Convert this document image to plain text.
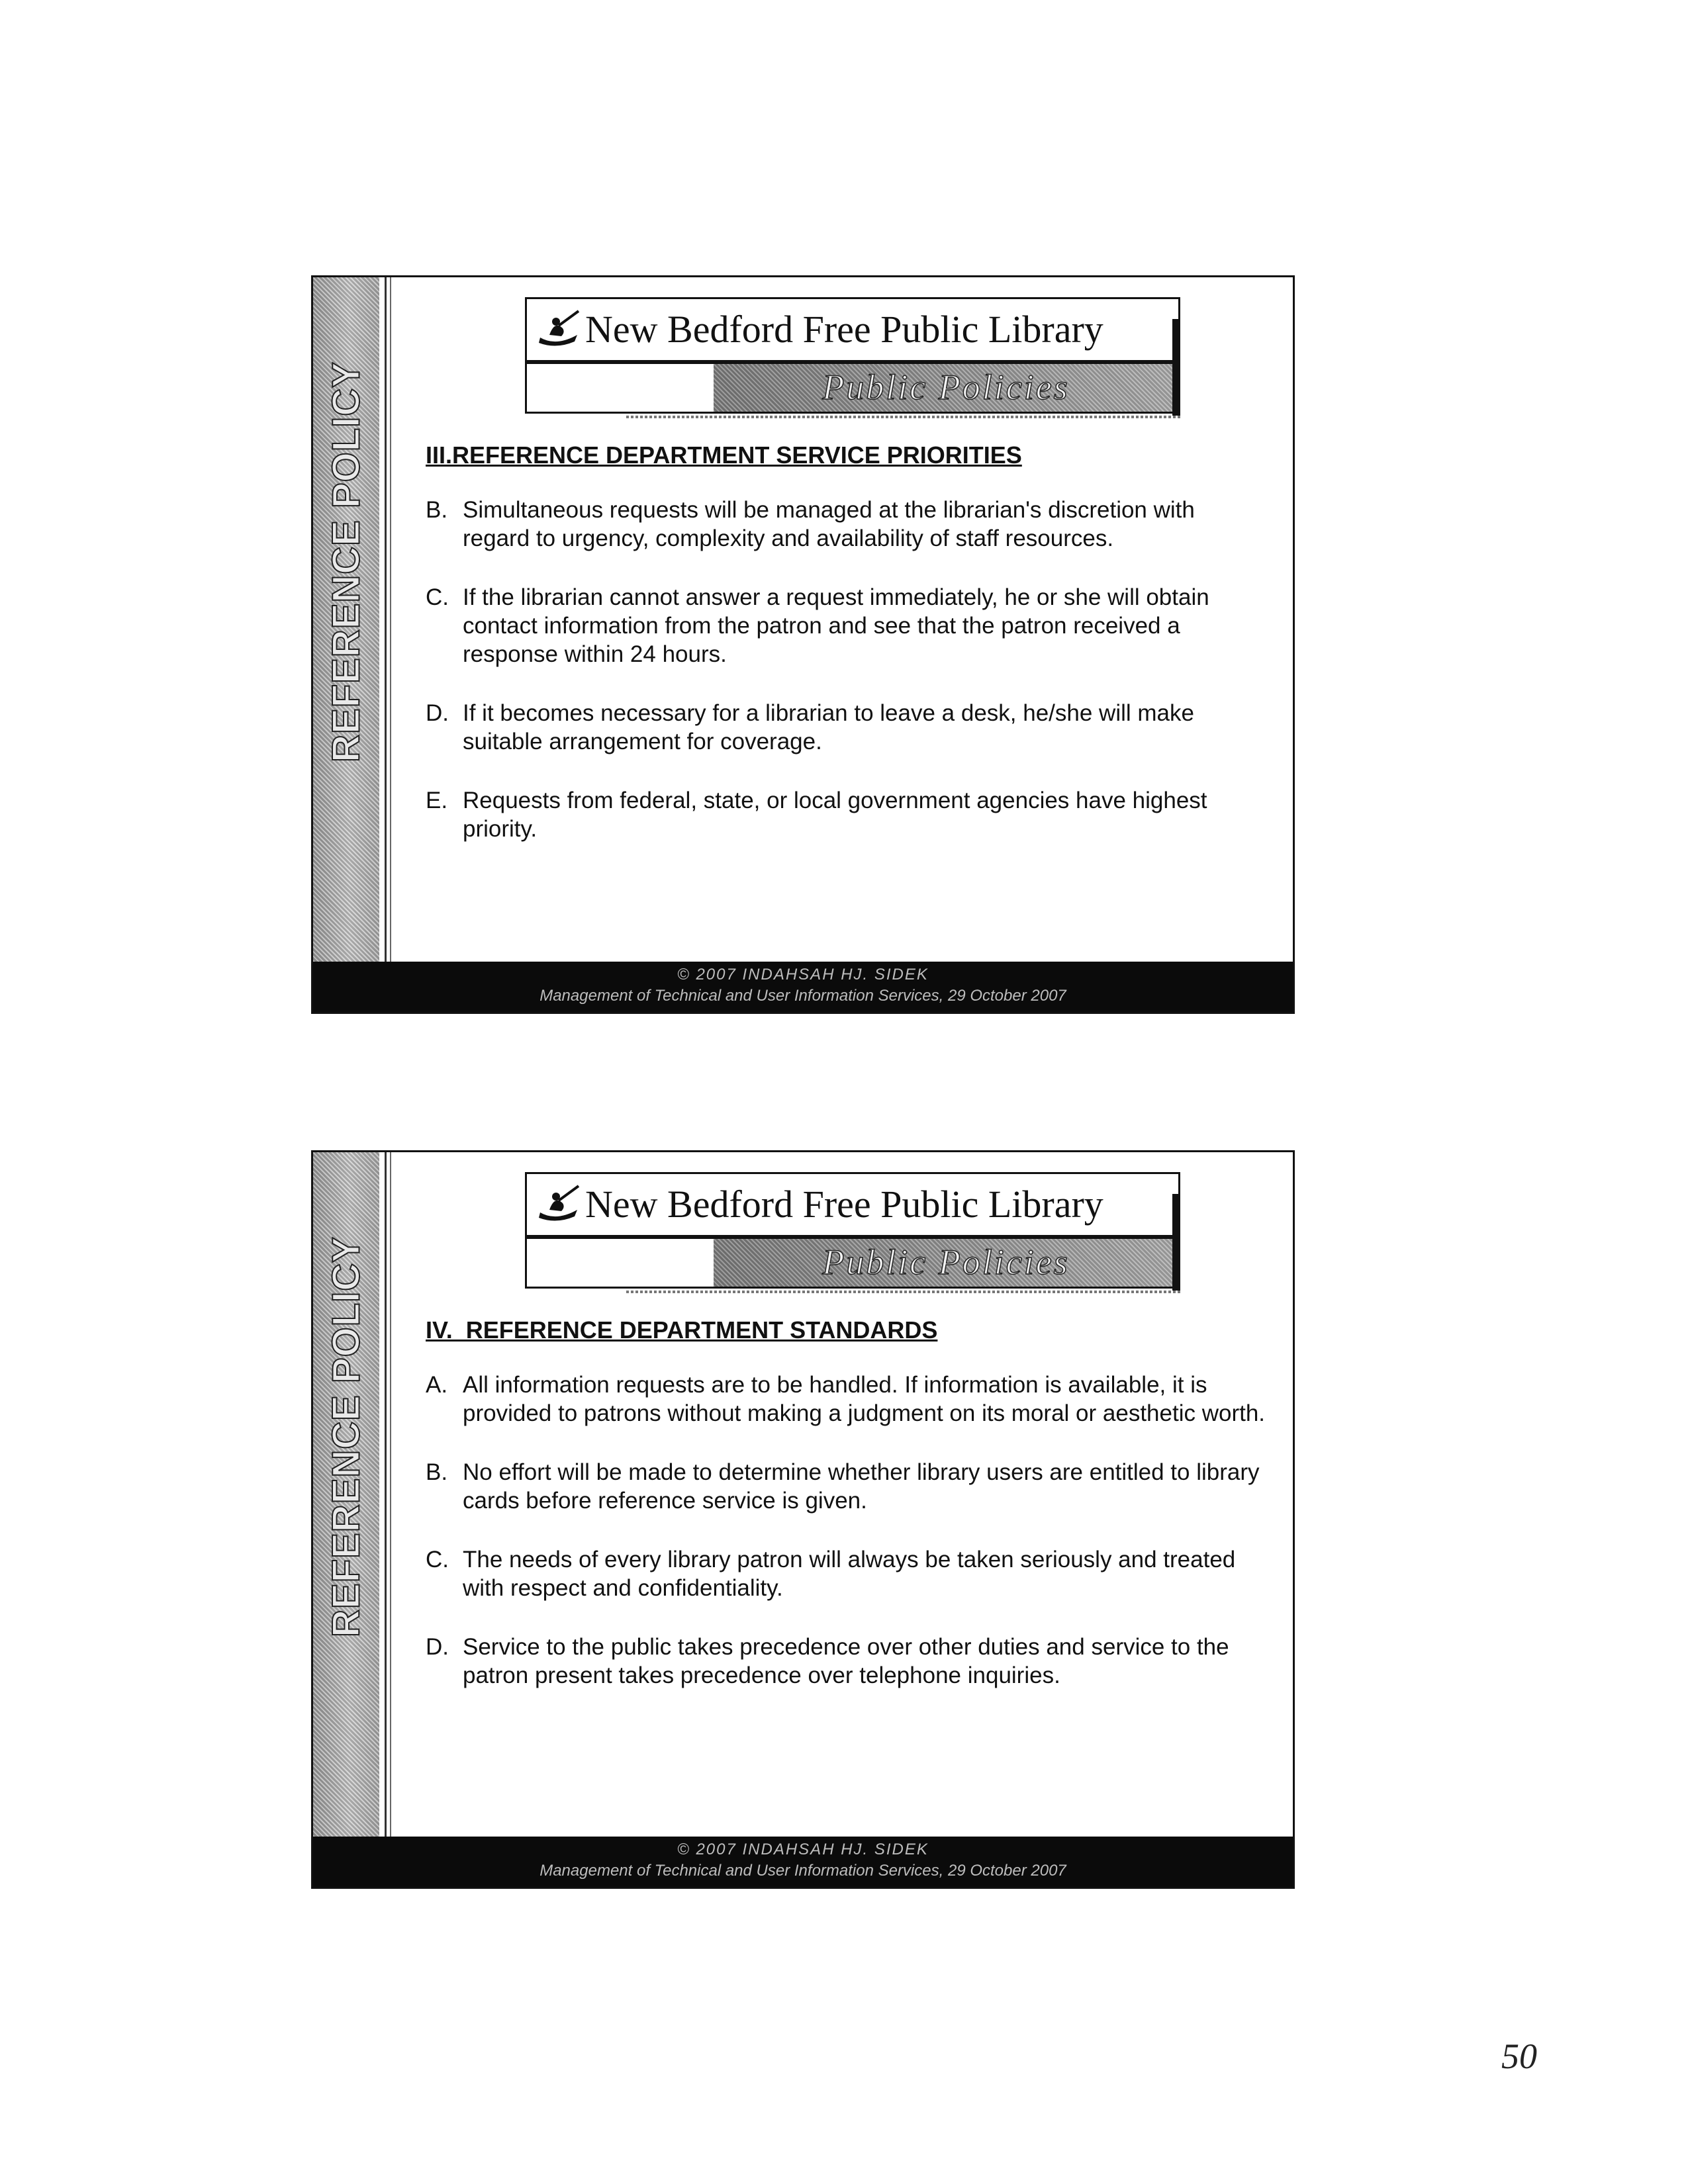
REFERENCE POLICY
New Bedford Free Public Library
Public Policies
III.REFERENCE DEPARTMENT SERVICE PRIORITIES
B. Simultaneous requests will be managed at the librarian's discretion with regard to urgency, complexity and availability of staff resources.
C. If the librarian cannot answer a request immediately, he or she will obtain contact information from the patron and see that the patron received a response within 24 hours.
D. If it becomes necessary for a librarian to leave a desk, he/she will make suitable arrangement for coverage.
E. Requests from federal, state, or local government agencies have highest priority.
© 2007 INDAHSAH HJ. SIDEK
Management of Technical and User Information Services, 29 October 2007
REFERENCE POLICY
New Bedford Free Public Library
Public Policies
IV.  REFERENCE DEPARTMENT STANDARDS
A. All information requests are to be handled. If information is available, it is provided to patrons without making a judgment on its moral or aesthetic worth.
B. No effort will be made to determine whether library users are entitled to library cards before reference service is given.
C. The needs of every library patron will always be taken seriously and treated with respect and confidentiality.
D. Service to the public takes precedence over other duties and service to the patron present takes precedence over telephone inquiries.
© 2007 INDAHSAH HJ. SIDEK
Management of Technical and User Information Services, 29 October 2007
50
